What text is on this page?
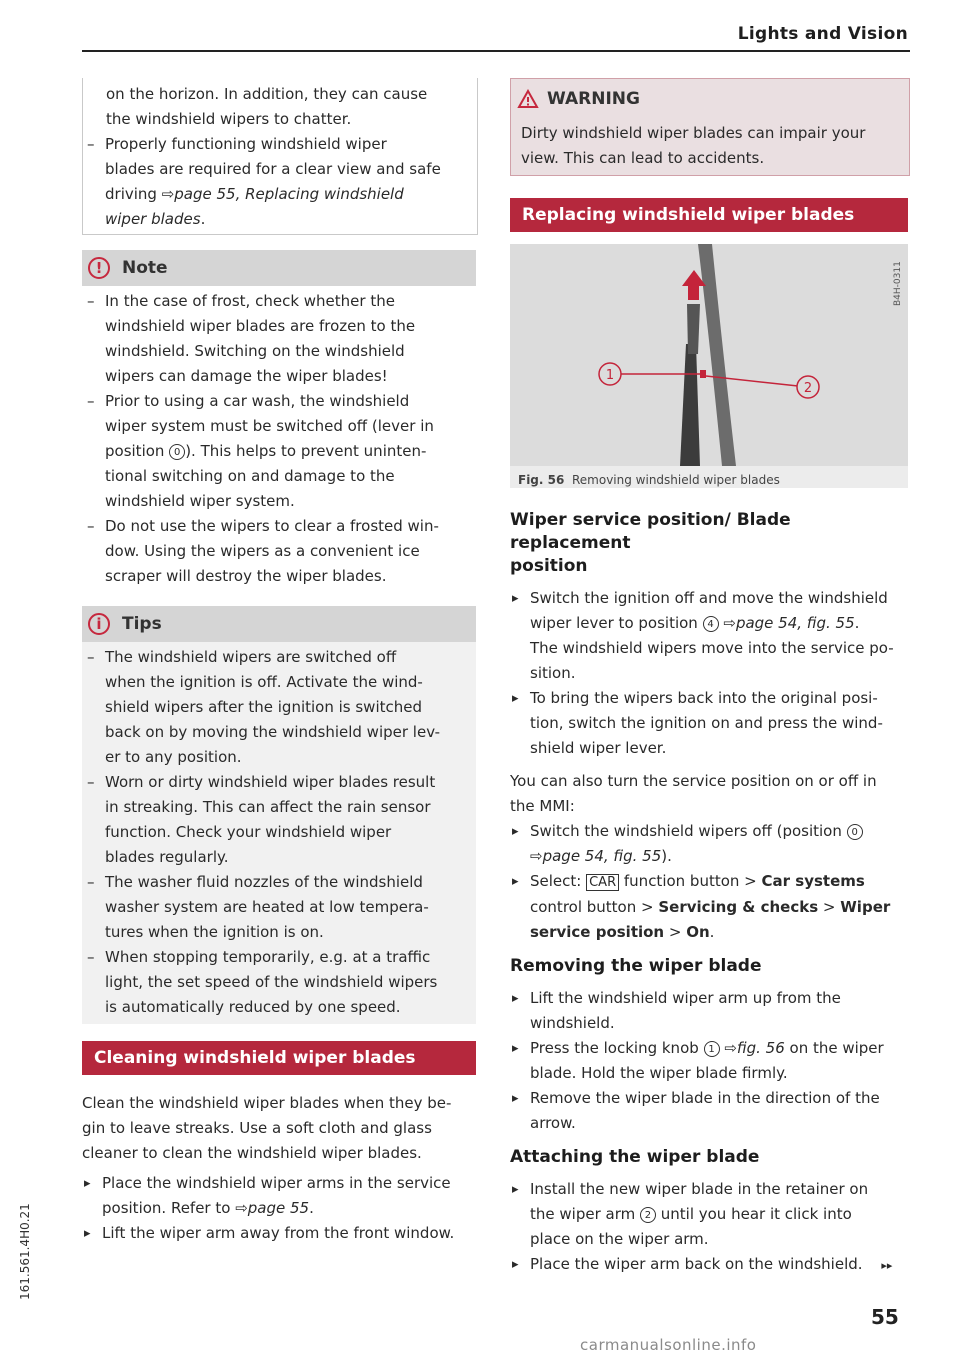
Lights and Vision

on the horizon. In addition, they can cause

the windshield wipers to chatter.

– Properly functioning windshield wiper

blades are required for a clear view and safe

driving ⇨page 55, Replacing windshield

wiper blades.

!	Note

– In the case of frost, check whether the

windshield wiper blades are frozen to the

windshield. Switching on the windshield

wipers can damage the wiper blades!

– Prior to using a car wash, the windshield

wiper system must be switched off (lever in

position 0 ). This helps to prevent uninten-

tional switching on and damage to the

windshield wiper system.

– Do not use the wipers to clear a frosted win-

dow. Using the wipers as a convenient ice

scraper will destroy the wiper blades.

i	Tips

– The windshield wipers are switched off

when the ignition is off. Activate the wind-

shield wipers after the ignition is switched

back on by moving the windshield wiper lev-

er to any position.

– Worn or dirty windshield wiper blades result

in streaking. This can affect the rain sensor

function. Check your windshield wiper

blades regularly.

– The washer fluid nozzles of the windshield

washer system are heated at low tempera-

tures when the ignition is on.

– When stopping temporarily, e.g. at a traffic

light, the set speed of the windshield wipers

is automatically reduced by one speed.

Cleaning windshield wiper blades

Clean the windshield wiper blades when they be-

gin to leave streaks. Use a soft cloth and glass

cleaner to clean the windshield wiper blades.

▸ Place the windshield wiper arms in the service

position. Refer to ⇨page 55.

▸ Lift the wiper arm away from the front window.

WARNING

Dirty windshield wiper blades can impair your

view. This can lead to accidents.

Replacing windshield wiper blades
1
2
B4H-0311
Fig. 56 Removing windshield wiper blades
Wiper service position/ Blade replacement
position

▸ Switch the ignition off and move the windshield

wiper lever to position 4 ⇨page 54, fig. 55.

The windshield wipers move into the service po-

sition.

▸ To bring the wipers back into the original posi-

tion, switch the ignition on and press the wind-

shield wiper lever.

You can also turn the service position on or off in

the MMI:

▸ Switch the windshield wipers off (position 0

⇨page 54, fig. 55).

▸ Select: CAR function button > Car systems

control button > Servicing & checks > Wiper

service position > On.

Removing the wiper blade

▸ Lift the windshield wiper arm up from the

windshield.

▸ Press the locking knob 1 ⇨fig. 56 on the wiper

blade. Hold the wiper blade firmly.

▸ Remove the wiper blade in the direction of the

arrow.

Attaching the wiper blade

▸ Install the new wiper blade in the retainer on

the wiper arm 2 until you hear it click into

place on the wiper arm.

▸ Place the wiper arm back on the windshield. ▸▸

161.561.4H0.21
55
carmanualsonline.info
